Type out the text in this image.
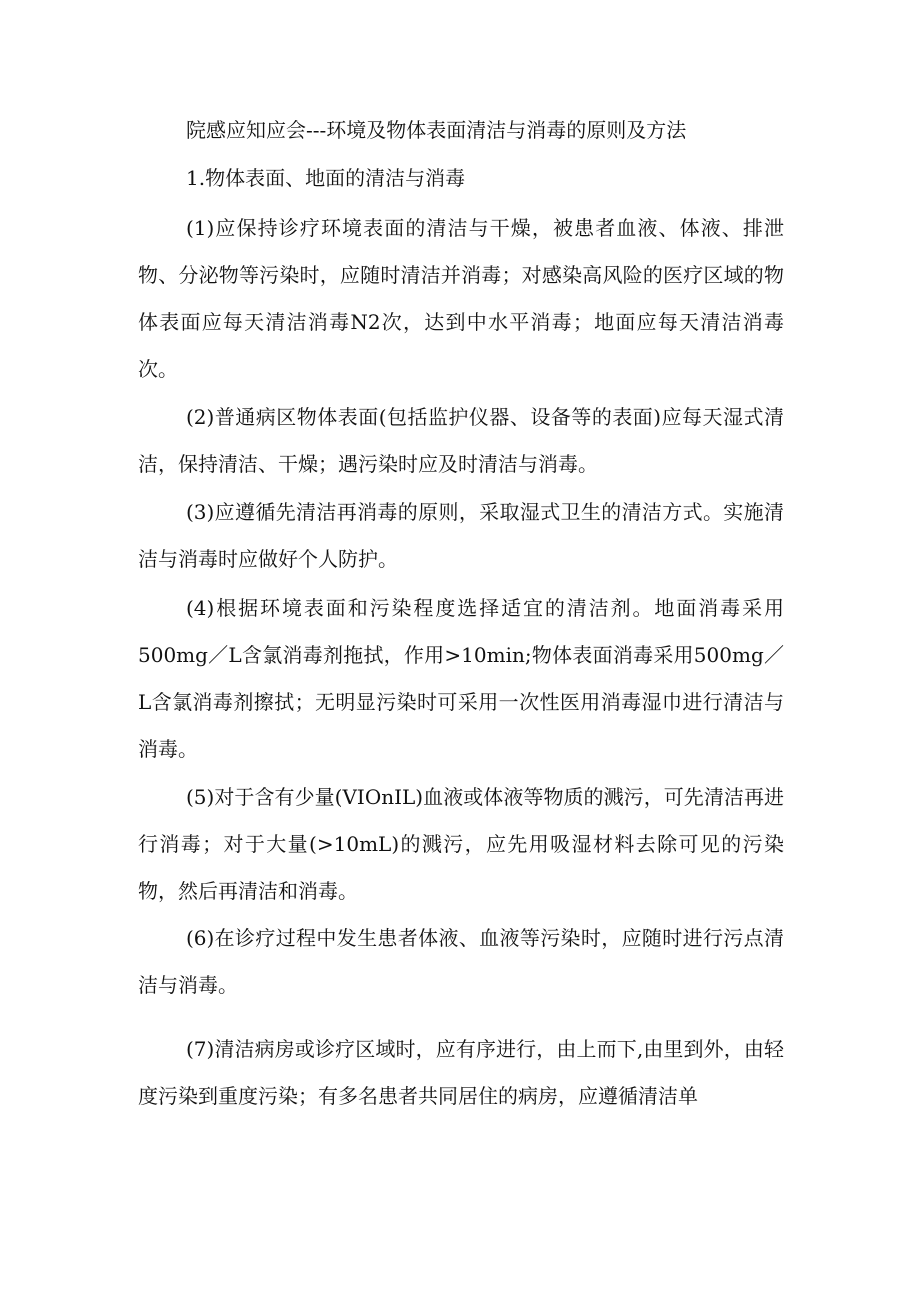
院感应知应会---环境及物体表面清洁与消毒的原则及方法
1.物体表面、地面的清洁与消毒

(1)应保持诊疗环境表面的清洁与干燥，被患者血液、体液、排泄物、分泌物等污染时，应随时清洁并消毒；对感染高风险的医疗区域的物体表面应每天清洁消毒N2次，达到中水平消毒；地面应每天清洁消毒次。

(2)普通病区物体表面(包括监护仪器、设备等的表面)应每天湿式清洁，保持清洁、干燥；遇污染时应及时清洁与消毒。

(3)应遵循先清洁再消毒的原则，采取湿式卫生的清洁方式。实施清洁与消毒时应做好个人防护。

(4)根据环境表面和污染程度选择适宜的清洁剂。地面消毒采用500mg／L含氯消毒剂拖拭，作用>10min;物体表面消毒采用500mg／L含氯消毒剂擦拭；无明显污染时可采用一次性医用消毒湿巾进行清洁与消毒。

(5)对于含有少量(VIOnIL)血液或体液等物质的溅污，可先清洁再进行消毒；对于大量(>10mL)的溅污，应先用吸湿材料去除可见的污染物，然后再清洁和消毒。

(6)在诊疗过程中发生患者体液、血液等污染时，应随时进行污点清洁与消毒。

(7)清洁病房或诊疗区域时，应有序进行，由上而下,由里到外，由轻度污染到重度污染；有多名患者共同居住的病房，应遵循清洁单
